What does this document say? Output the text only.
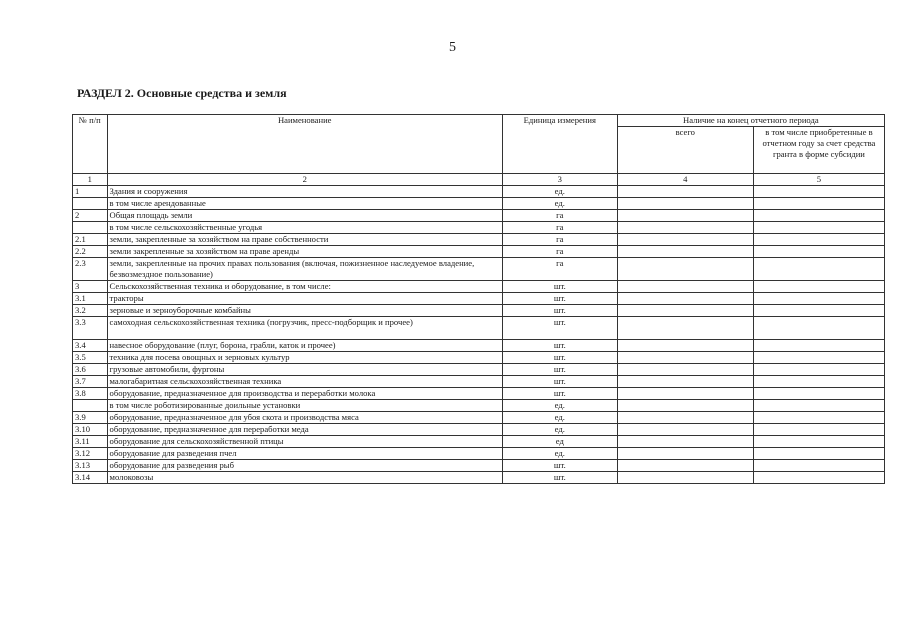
5
РАЗДЕЛ 2. Основные средства и земля
№ п/п	Наименование	Единица измерения	Наличие на конец отчетного периода	
			всего	в том числе приобретенные в отчетном году за счет средства гранта в форме субсидии
1	2	3	4	5
1	Здания и сооружения	ед.		
	в том числе арендованные	ед.		
2	Общая площадь земли	га		
	в том числе сельскохозяйственные угодья	га		
2.1	земли, закрепленные за хозяйством на праве собственности	га		
2.2	земли закрепленные за хозяйством на праве аренды	га		
2.3	земли, закрепленные на прочих правах пользования (включая, пожизненное наследуемое владение, безвозмездное пользование)	га		
3	Сельскохозяйственная техника и оборудование, в том числе:	шт.		
3.1	тракторы	шт.		
3.2	зерновые и зерноуборочные комбайны	шт.		
3.3	самоходная сельскохозяйственная техника (погрузчик, пресс-подборщик и прочее)	шт.		
3.4	навесное оборудование (плуг, борона, грабли, каток и прочее)	шт.		
3.5	техника для посева овощных и зерновых культур	шт.		
3.6	грузовые автомобили, фургоны	шт.		
3.7	малогабаритная сельскохозяйственная техника	шт.		
3.8	оборудование, предназначенное для производства и переработки молока	шт.		
	в том числе роботизированные доильные установки	ед.		
3.9	оборудование, предназначенное для убоя скота и производства мяса	ед.		
3.10	оборудование, предназначенное для переработки меда	ед.		
3.11	оборудование для сельскохозяйственной птицы	ед		
3.12	оборудование для разведения пчел	ед.		
3.13	оборудование для разведения рыб	шт.		
3.14	молоковозы	шт.		
